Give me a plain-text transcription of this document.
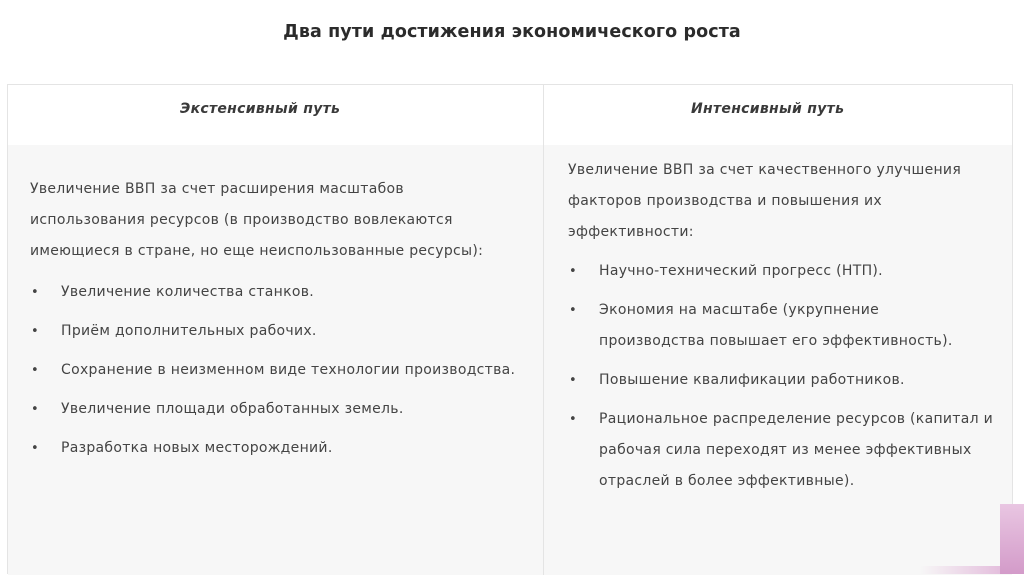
Два пути достижения экономического роста
Экстенсивный путь	Интенсивный путь

Увеличение ВВП за счет расширения масштабов использования ресурсов (в производство вовлекаются имеющиеся в стране, но еще неиспользованные ресурсы):

• Увеличение количества станков.
• Приём дополнительных рабочих.
• Сохранение в неизменном виде технологии производства.
• Увеличение площади обработанных земель.
• Разработка новых месторождений.

Увеличение ВВП за счет качественного улучшения факторов производства и повышения их эффективности:

• Научно-технический прогресс (НТП).
• Экономия на масштабе (укрупнение производства повышает его эффективность).
• Повышение квалификации работников.
• Рациональное распределение ресурсов (капитал и рабочая сила переходят из менее эффективных отраслей в более эффективные).
